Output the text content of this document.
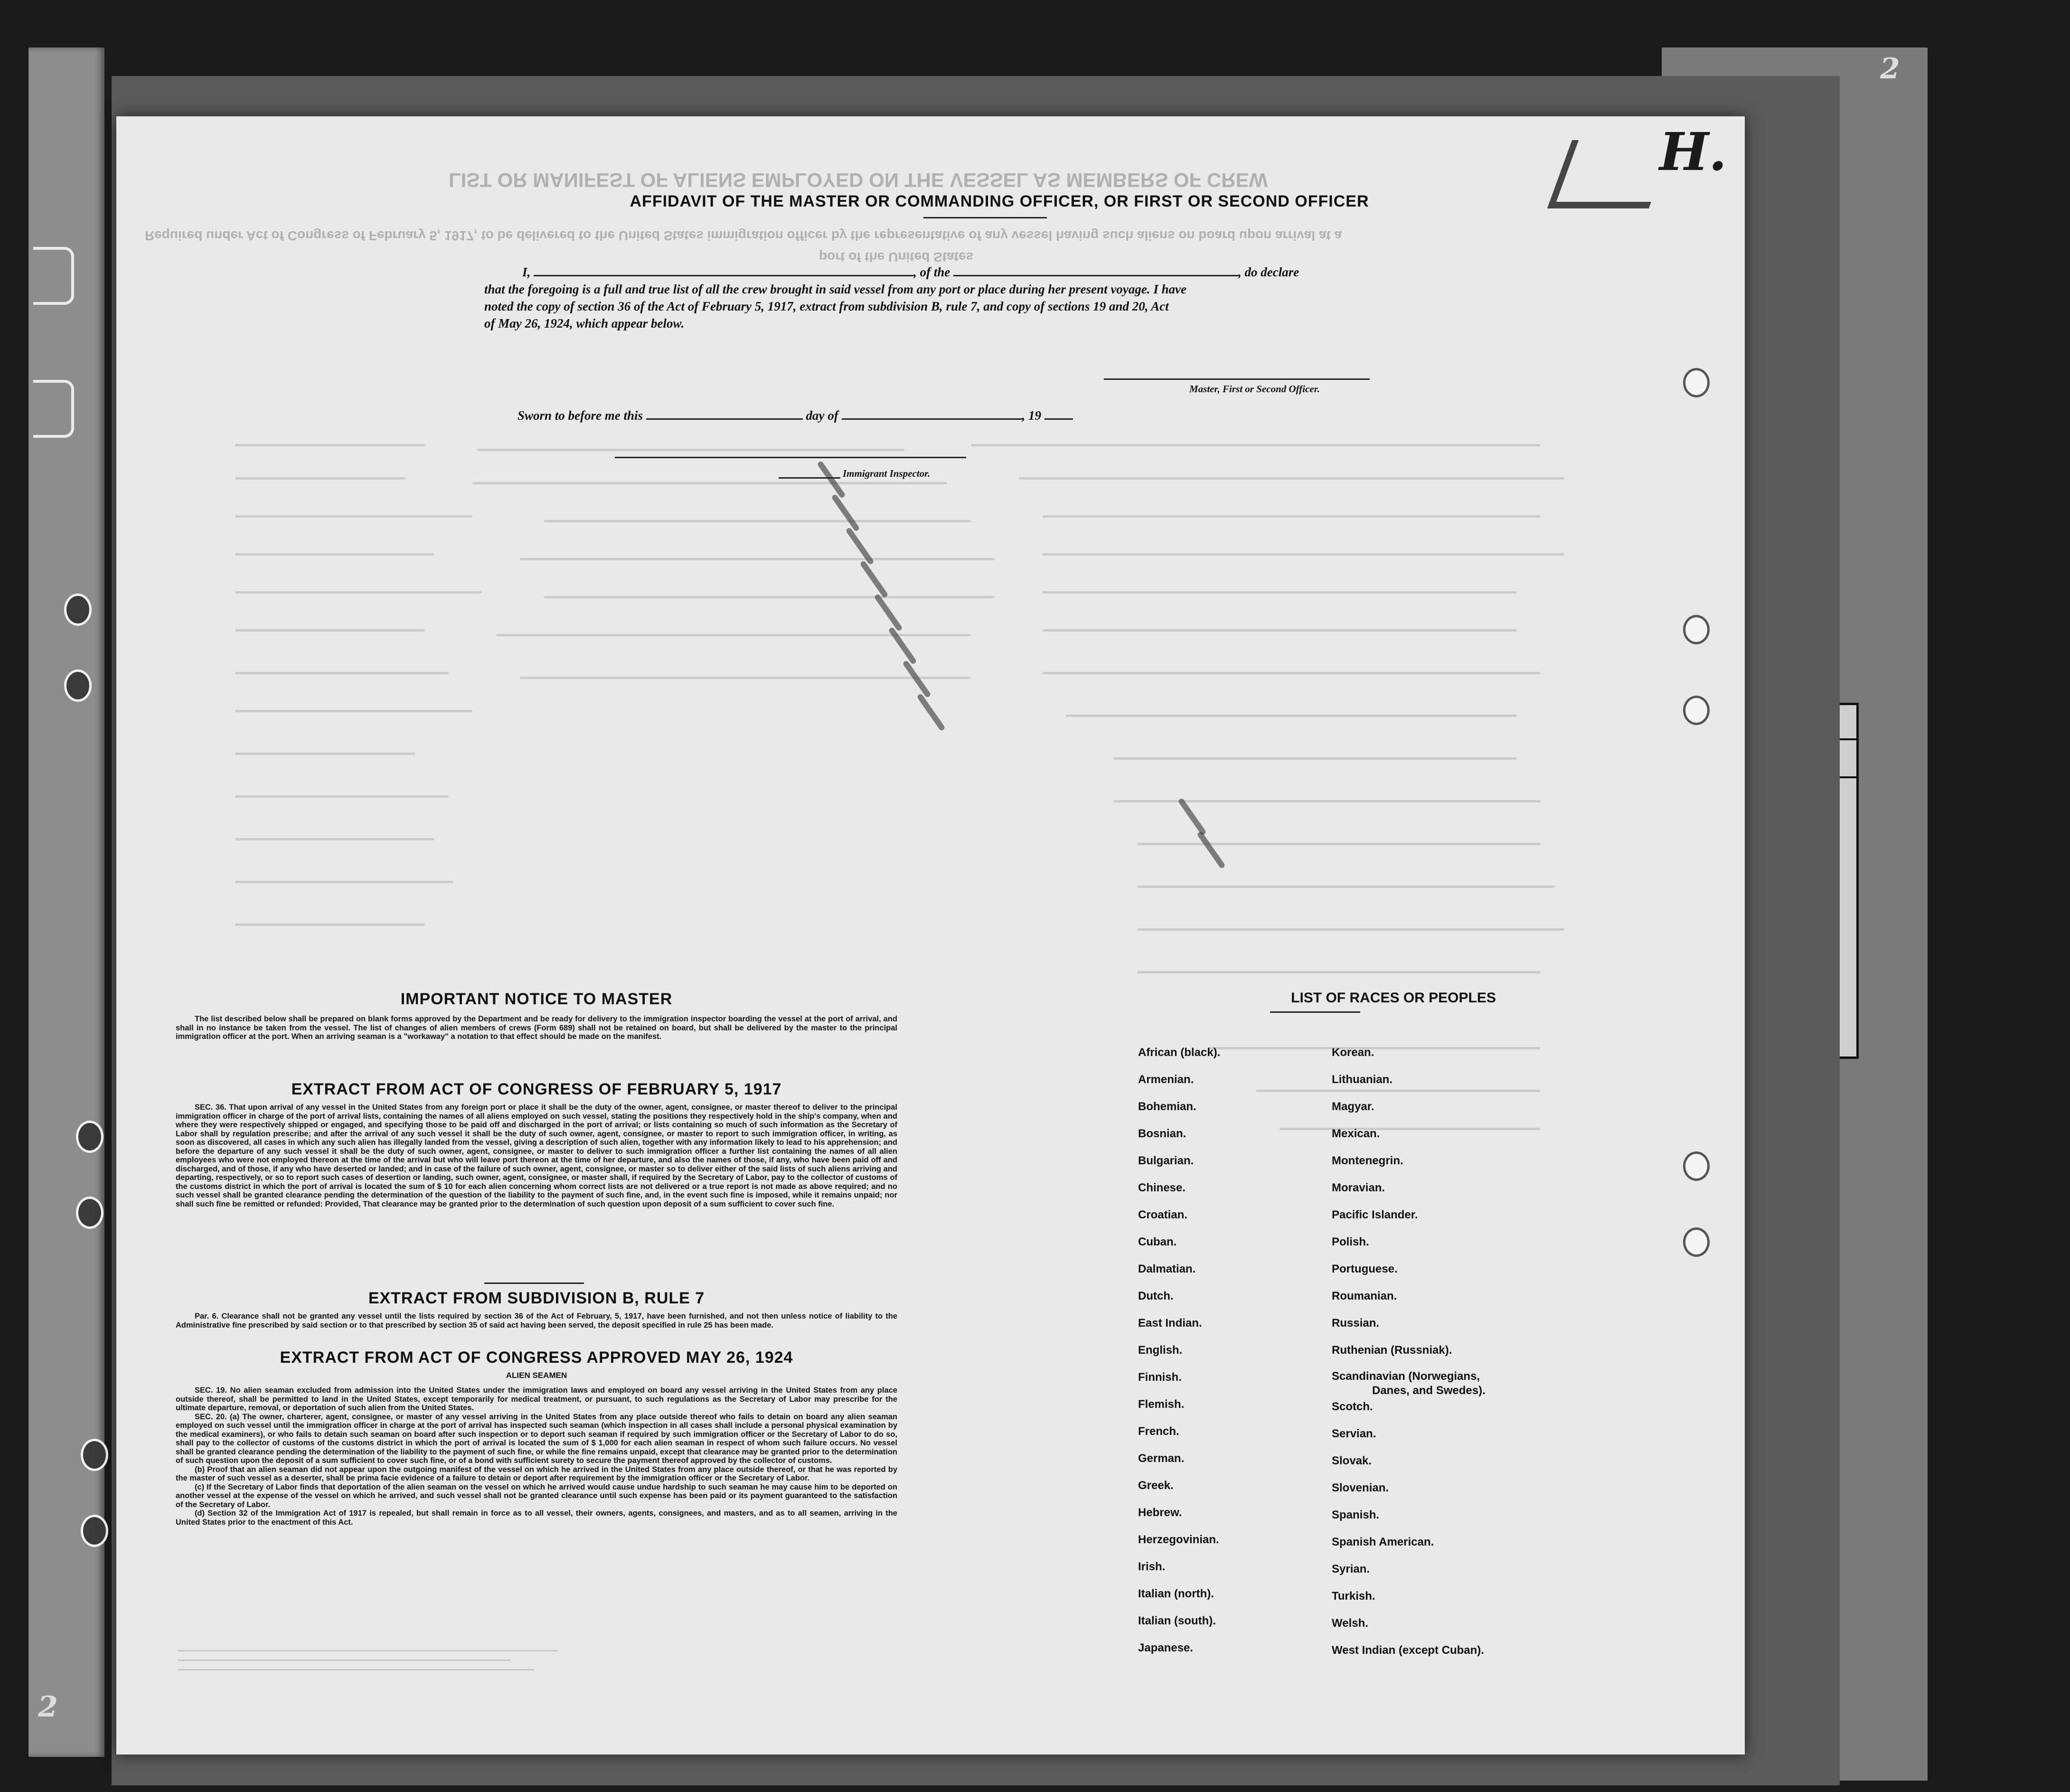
2
2
LIST OR MANIFEST OF ALIENS EMPLOYED ON THE VESSEL AS MEMBERS OF CREW
Required under Act of Congress of February 5, 1917, to be delivered to the United States immigration officer by the representative of any vessel having such aliens on board upon arrival at a
port of the United States
H.
AFFIDAVIT OF THE MASTER OR COMMANDING OFFICER, OR FIRST OR SECOND OFFICER
I,	, of the	, do declare
that the foregoing is a full and true list of all the crew brought in said vessel from any port or place during her present voyage. I have
noted the copy of section 36 of the Act of February 5, 1917, extract from subdivision B, rule 7, and copy of sections 19 and 20, Act
of May 26, 1924, which appear below.
Master, First or Second Officer.
Sworn to before me this	day of	, 19
Immigrant Inspector.
IMPORTANT NOTICE TO MASTER

The list described below shall be prepared on blank forms approved by the Department and be ready for delivery to the immigration inspector boarding the vessel at the port of arrival, and shall in no instance be taken from the vessel. The list of changes of alien members of crews (Form 689) shall not be retained on board, but shall be delivered by the master to the principal immigration officer at the port. When an arriving seaman is a "workaway" a notation to that effect should be made on the manifest.

EXTRACT FROM ACT OF CONGRESS OF FEBRUARY 5, 1917

SEC. 36. That upon arrival of any vessel in the United States from any foreign port or place it shall be the duty of the owner, agent, consignee, or master thereof to deliver to the principal immigration officer in charge of the port of arrival lists, containing the names of all aliens employed on such vessel, stating the positions they respectively hold in the ship's company, when and where they were respectively shipped or engaged, and specifying those to be paid off and discharged in the port of arrival; or lists containing so much of such information as the Secretary of Labor shall by regulation prescribe; and after the arrival of any such vessel it shall be the duty of such owner, agent, consignee, or master to report to such immigration officer, in writing, as soon as discovered, all cases in which any such alien has illegally landed from the vessel, giving a description of such alien, together with any information likely to lead to his apprehension; and before the departure of any such vessel it shall be the duty of such owner, agent, consignee, or master to deliver to such immigration officer a further list containing the names of all alien employees who were not employed thereon at the time of the arrival but who will leave port thereon at the time of her departure, and also the names of those, if any, who have been paid off and discharged, and of those, if any who have deserted or landed; and in case of the failure of such owner, agent, consignee, or master so to deliver either of the said lists of such aliens arriving and departing, respectively, or so to report such cases of desertion or landing, such owner, agent, consignee, or master shall, if required by the Secretary of Labor, pay to the collector of customs of the customs district in which the port of arrival is located the sum of $ 10 for each alien concerning whom correct lists are not delivered or a true report is not made as above required; and no such vessel shall be granted clearance pending the determination of the question of the liability to the payment of such fine, and, in the event such fine is imposed, while it remains unpaid; nor shall such fine be remitted or refunded: Provided, That clearance may be granted prior to the determination of such question upon deposit of a sum sufficient to cover such fine.

EXTRACT FROM SUBDIVISION B, RULE 7

Par. 6. Clearance shall not be granted any vessel until the lists required by section 36 of the Act of February, 5, 1917, have been furnished, and not then unless notice of liability to the Administrative fine prescribed by said section or to that prescribed by section 35 of said act having been served, the deposit specified in rule 25 has been made.

EXTRACT FROM ACT OF CONGRESS APPROVED MAY 26, 1924
ALIEN SEAMEN

SEC. 19. No alien seaman excluded from admission into the United States under the immigration laws and employed on board any vessel arriving in the United States from any place outside thereof, shall be permitted to land in the United States, except temporarily for medical treatment, or pursuant, to such regulations as the Secretary of Labor may prescribe for the ultimate departure, removal, or deportation of such alien from the United States.

SEC. 20. (a) The owner, charterer, agent, consignee, or master of any vessel arriving in the United States from any place outside thereof who fails to detain on board any alien seaman employed on such vessel until the immigration officer in charge at the port of arrival has inspected such seaman (which inspection in all cases shall include a personal physical examination by the medical examiners), or who fails to detain such seaman on board after such inspection or to deport such seaman if required by such immigration officer or the Secretary of Labor to do so, shall pay to the collector of customs of the customs district in which the port of arrival is located the sum of $ 1,000 for each alien seaman in respect of whom such failure occurs. No vessel shall be granted clearance pending the determination of the liability to the payment of such fine, or while the fine remains unpaid, except that clearance may be granted prior to the determination of such question upon the deposit of a sum sufficient to cover such fine, or of a bond with sufficient surety to secure the payment thereof approved by the collector of customs.

(b) Proof that an alien seaman did not appear upon the outgoing manifest of the vessel on which he arrived in the United States from any place outside thereof, or that he was reported by the master of such vessel as a deserter, shall be prima facie evidence of a failure to detain or deport after requirement by the immigration officer or the Secretary of Labor.

(c) If the Secretary of Labor finds that deportation of the alien seaman on the vessel on which he arrived would cause undue hardship to such seaman he may cause him to be deported on another vessel at the expense of the vessel on which he arrived, and such vessel shall not be granted clearance until such expense has been paid or its payment guaranteed to the satisfaction of the Secretary of Labor.

(d) Section 32 of the Immigration Act of 1917 is repealed, but shall remain in force as to all vessel, their owners, agents, consignees, and masters, and as to all seamen, arriving in the United States prior to the enactment of this Act.

LIST OF RACES OR PEOPLES
African (black).
Armenian.
Bohemian.
Bosnian.
Bulgarian.
Chinese.
Croatian.
Cuban.
Dalmatian.
Dutch.
East Indian.
English.
Finnish.
Flemish.
French.
German.
Greek.
Hebrew.
Herzegovinian.
Irish.
Italian (north).
Italian (south).
Japanese.
Korean.
Lithuanian.
Magyar.
Mexican.
Montenegrin.
Moravian.
Pacific Islander.
Polish.
Portuguese.
Roumanian.
Russian.
Ruthenian (Russniak).
Scandinavian (Norwegians,
Danes, and Swedes).
Scotch.
Servian.
Slovak.
Slovenian.
Spanish.
Spanish American.
Syrian.
Turkish.
Welsh.
West Indian (except Cuban).
